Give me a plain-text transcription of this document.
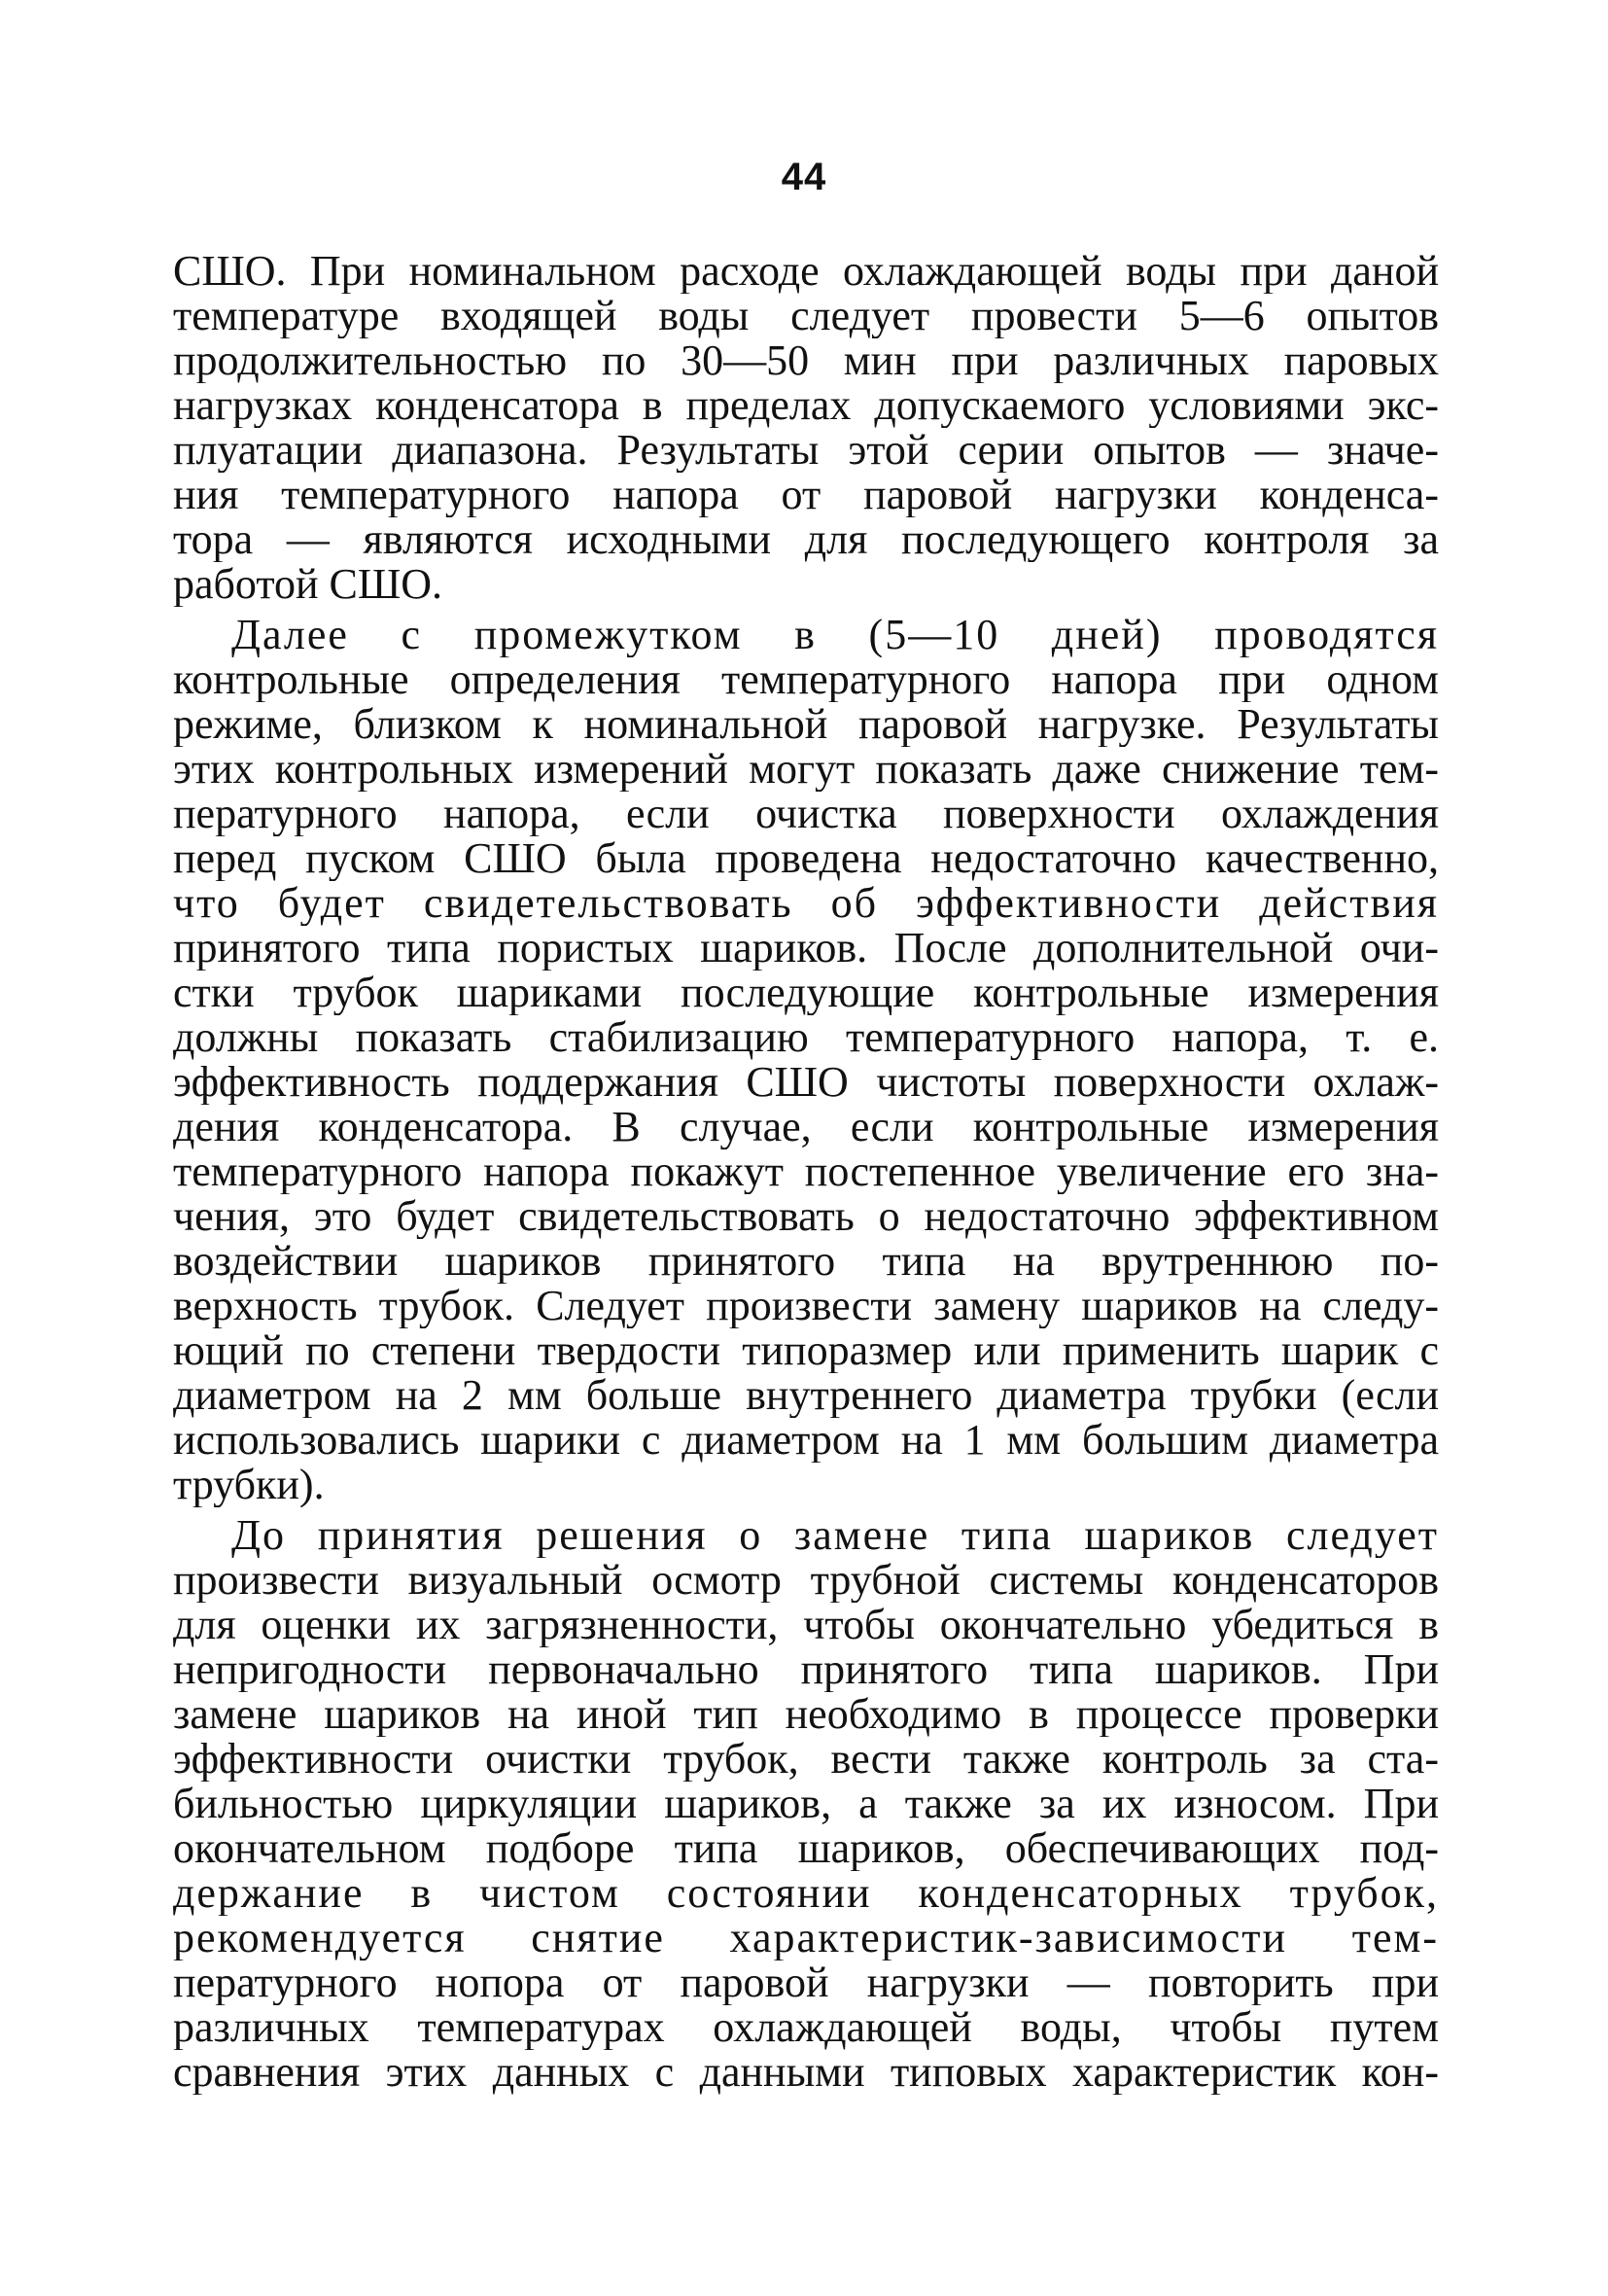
44
СШО. При номинальном расходе охлаждающей воды при даной
температуре входящей воды следует провести 5—6 опытов
продолжительностью по 30—50 мин при различных паровых
нагрузках конденсатора в пределах допускаемого условиями экс-
плуатации диапазона. Результаты этой серии опытов — значе-
ния температурного напора от паровой нагрузки конденса-
тора — являются исходными для последующего контроля за
работой СШО.
Далее с промежутком в (5—10 дней) проводятся
контрольные определения температурного напора при одном
режиме, близком к номинальной паровой нагрузке. Результаты
этих контрольных измерений могут показать даже снижение тем-
пературного напора, если очистка поверхности охлаждения
перед пуском СШО была проведена недостаточно качественно,
что будет свидетельствовать об эффективности действия
принятого типа пористых шариков. После дополнительной очи-
стки трубок шариками последующие контрольные измерения
должны показать стабилизацию температурного напора, т. е.
эффективность поддержания СШО чистоты поверхности охлаж-
дения конденсатора. В случае, если контрольные измерения
температурного напора покажут постепенное увеличение его зна-
чения, это будет свидетельствовать о недостаточно эффективном
воздействии шариков принятого типа на врутреннюю по-
верхность трубок. Следует произвести замену шариков на следу-
ющий по степени твердости типоразмер или применить шарик с
диаметром на 2 мм больше внутреннего диаметра трубки (если
использовались шарики с диаметром на 1 мм большим диаметра
трубки).
До принятия решения о замене типа шариков следует
произвести визуальный осмотр трубной системы конденсаторов
для оценки их загрязненности, чтобы окончательно убедиться в
непригодности первоначально принятого типа шариков. При
замене шариков на иной тип необходимо в процессе проверки
эффективности очистки трубок, вести также контроль за ста-
бильностью циркуляции шариков, а также за их износом. При
окончательном подборе типа шариков, обеспечивающих под-
держание в чистом состоянии конденсаторных трубок,
рекомендуется снятие характеристик-зависимости тем-
пературного нопора от паровой нагрузки — повторить при
различных температурах охлаждающей воды, чтобы путем
сравнения этих данных с данными типовых характеристик кон-
